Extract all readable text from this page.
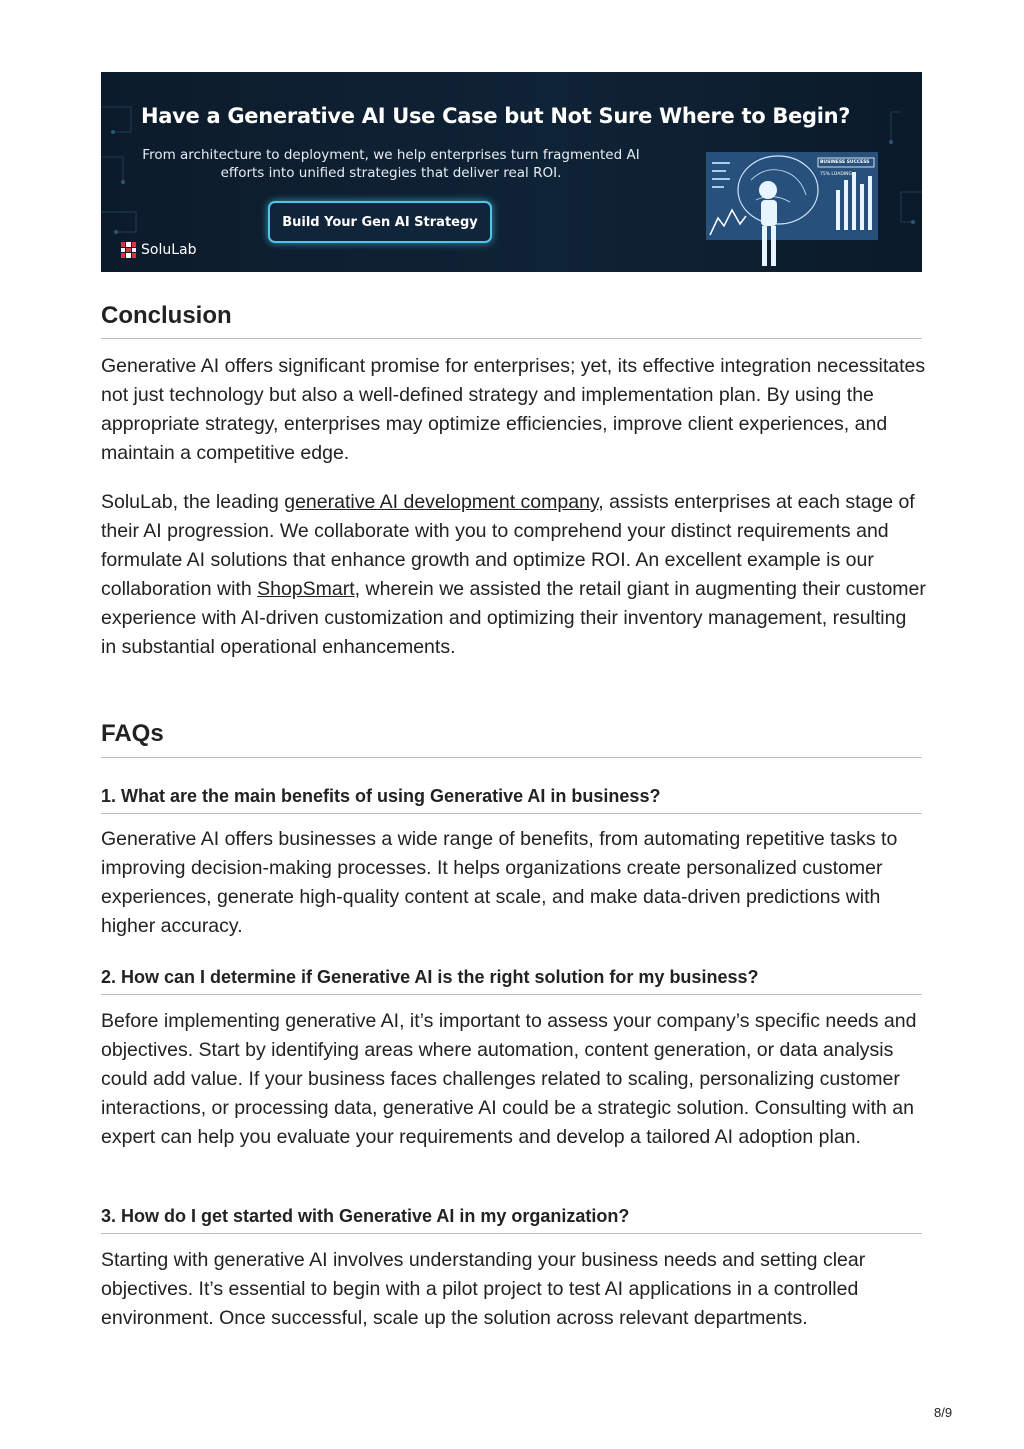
Have a Generative AI Use Case but Not Sure Where to Begin?
From architecture to deployment, we help enterprises turn fragmented AI efforts into unified strategies that deliver real ROI.
Build Your Gen AI Strategy
SoluLab
BUSINESS SUCCESS
75% LOADING...
Conclusion

Generative AI offers significant promise for enterprises; yet, its effective integration necessitates not just technology but also a well-defined strategy and implementation plan. By using the appropriate strategy, enterprises may optimize efficiencies, improve client experiences, and maintain a competitive edge.

SoluLab, the leading generative AI development company, assists enterprises at each stage of their AI progression. We collaborate with you to comprehend your distinct requirements and formulate AI solutions that enhance growth and optimize ROI. An excellent example is our collaboration with ShopSmart, wherein we assisted the retail giant in augmenting their customer experience with AI-driven customization and optimizing their inventory management, resulting in substantial operational enhancements.

FAQs
1. What are the main benefits of using Generative AI in business?

Generative AI offers businesses a wide range of benefits, from automating repetitive tasks to improving decision-making processes. It helps organizations create personalized customer experiences, generate high-quality content at scale, and make data-driven predictions with higher accuracy.

2. How can I determine if Generative AI is the right solution for my business?

Before implementing generative AI, it’s important to assess your company’s specific needs and objectives. Start by identifying areas where automation, content generation, or data analysis could add value. If your business faces challenges related to scaling, personalizing customer interactions, or processing data, generative AI could be a strategic solution. Consulting with an expert can help you evaluate your requirements and develop a tailored AI adoption plan.

3. How do I get started with Generative AI in my organization?

Starting with generative AI involves understanding your business needs and setting clear objectives. It’s essential to begin with a pilot project to test AI applications in a controlled environment. Once successful, scale up the solution across relevant departments.

8/9
